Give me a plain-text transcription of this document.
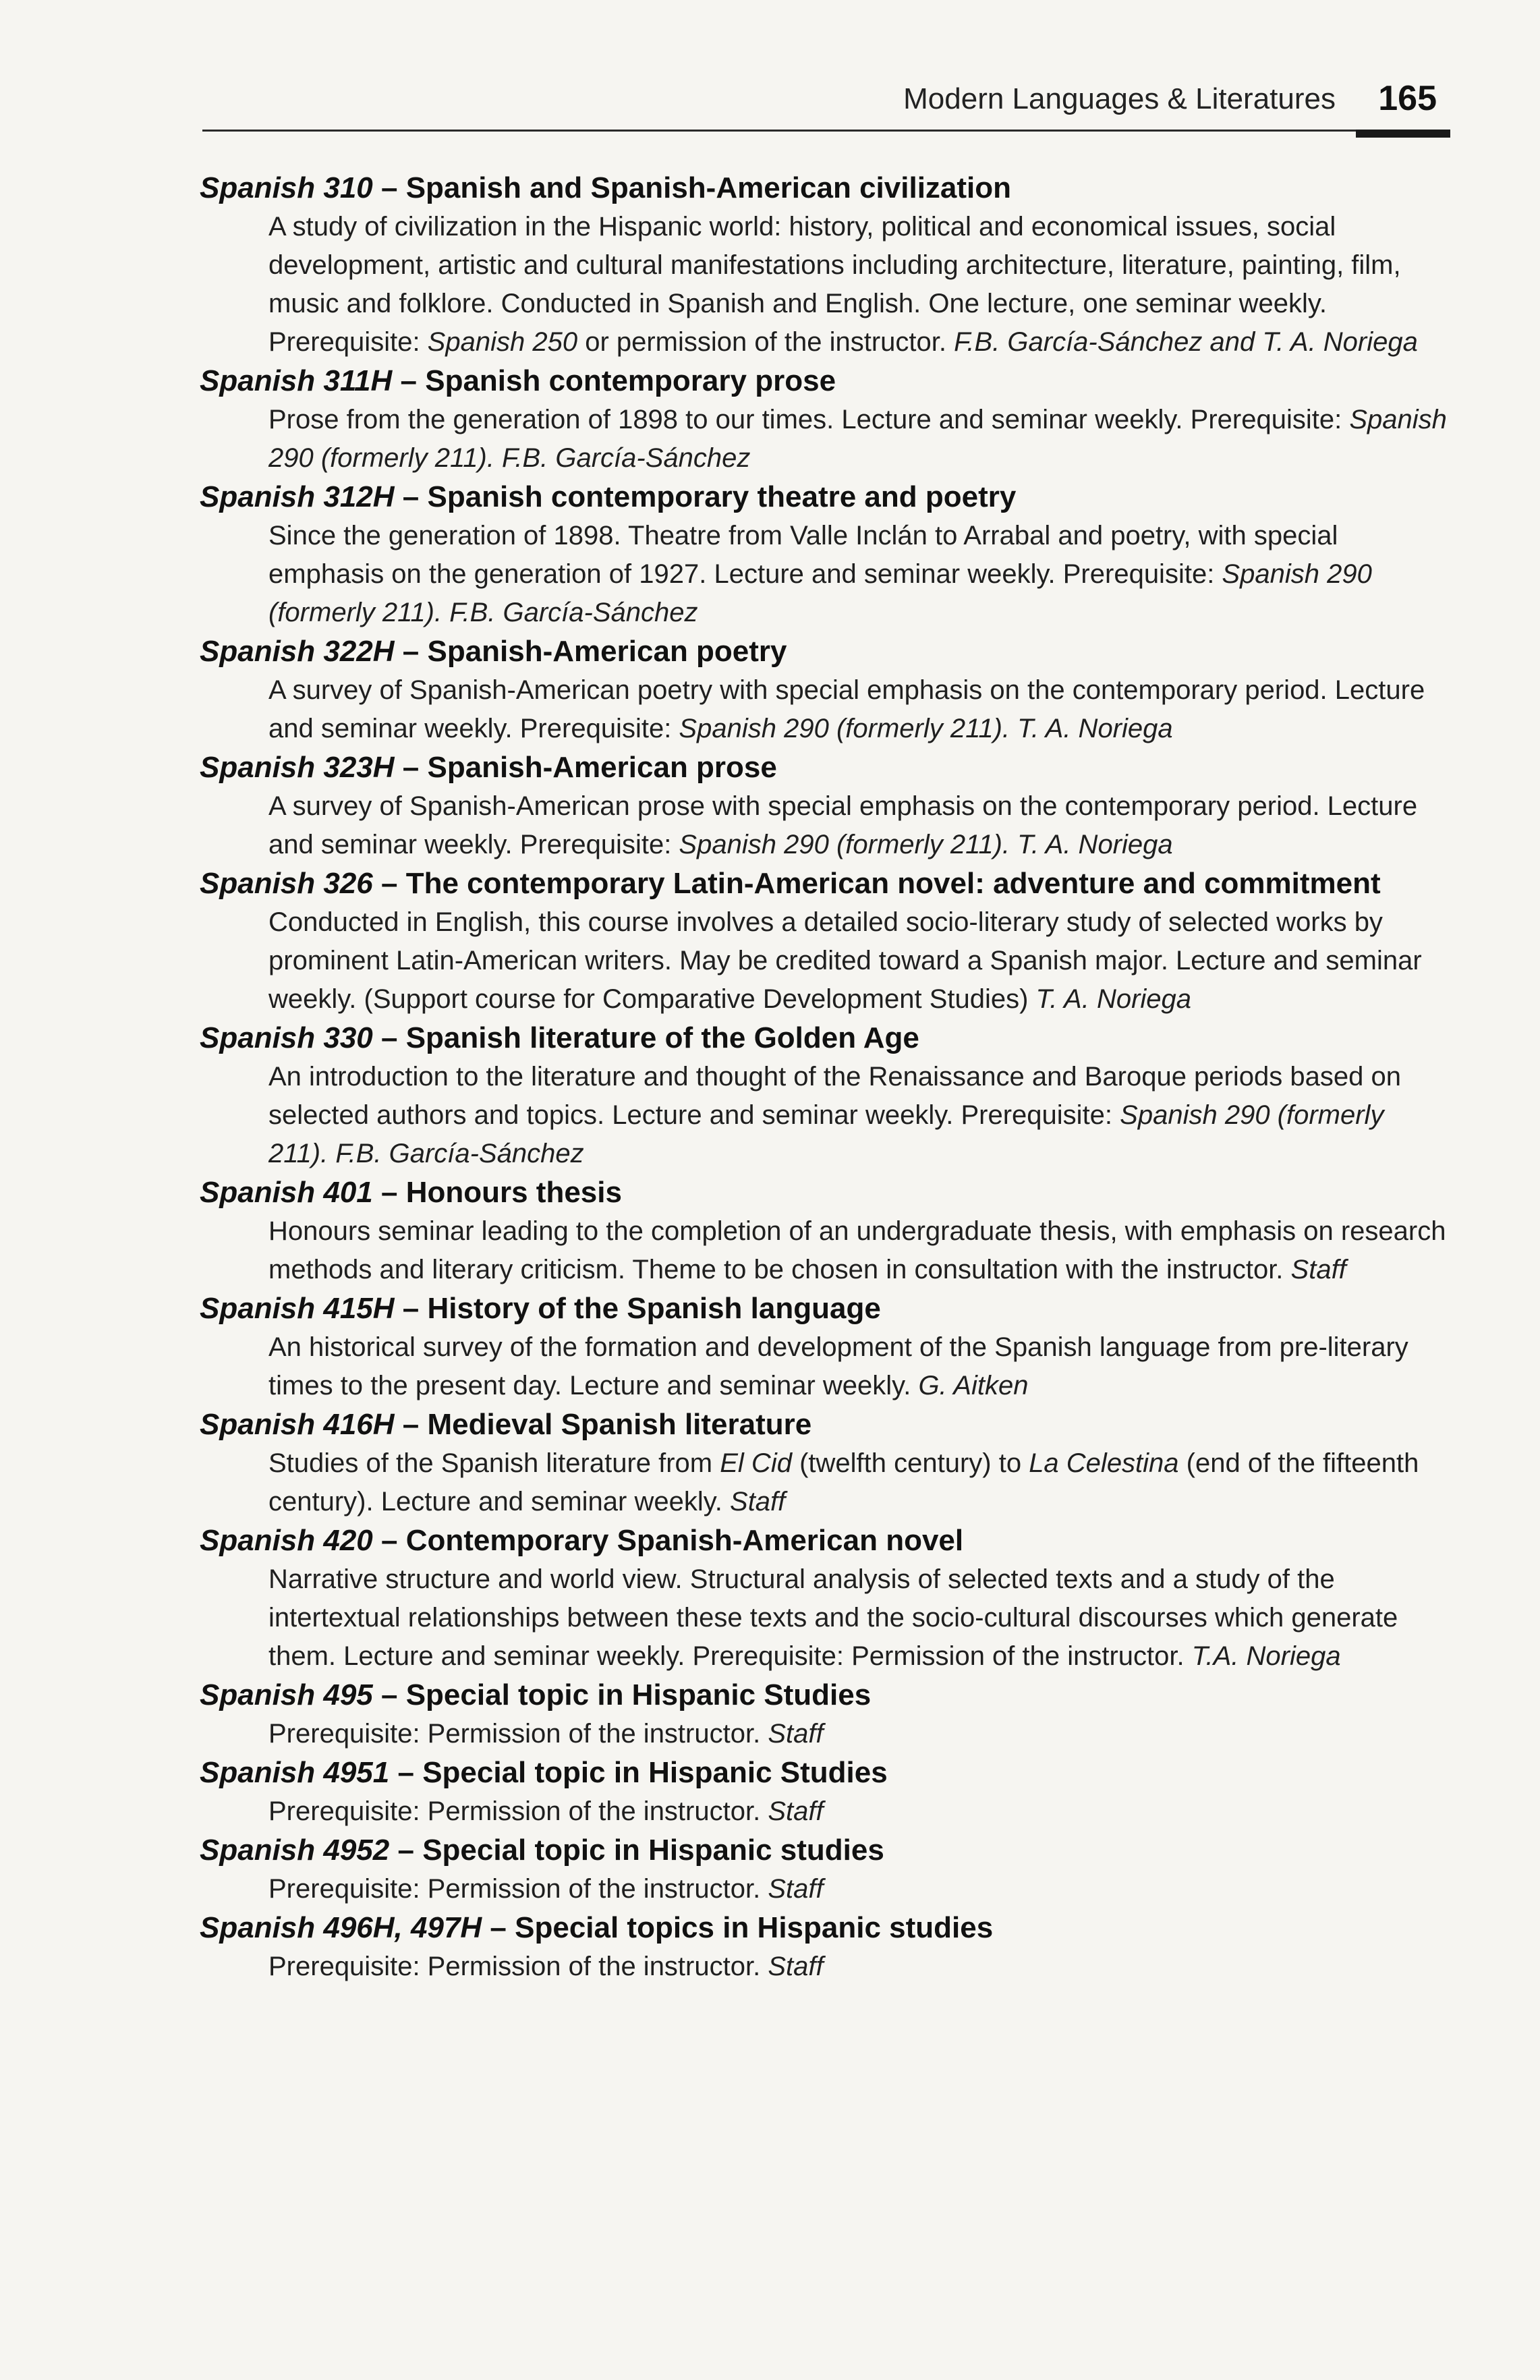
Modern Languages & Literatures 165
Spanish 310 – Spanish and Spanish-American civilization
A study of civilization in the Hispanic world: history, political and economical issues, social development, artistic and cultural manifestations including architecture, literature, painting, film, music and folklore. Conducted in Spanish and English. One lecture, one seminar weekly. Prerequisite: Spanish 250 or permission of the instructor. F.B. García-Sánchez and T. A. Noriega
Spanish 311H – Spanish contemporary prose
Prose from the generation of 1898 to our times. Lecture and seminar weekly. Prerequisite: Spanish 290 (formerly 211). F.B. García-Sánchez
Spanish 312H – Spanish contemporary theatre and poetry
Since the generation of 1898. Theatre from Valle Inclán to Arrabal and poetry, with special emphasis on the generation of 1927. Lecture and seminar weekly. Prerequisite: Spanish 290 (formerly 211). F.B. García-Sánchez
Spanish 322H – Spanish-American poetry
A survey of Spanish-American poetry with special emphasis on the contemporary period. Lecture and seminar weekly. Prerequisite: Spanish 290 (formerly 211). T. A. Noriega
Spanish 323H – Spanish-American prose
A survey of Spanish-American prose with special emphasis on the contemporary period. Lecture and seminar weekly. Prerequisite: Spanish 290 (formerly 211). T. A. Noriega
Spanish 326 – The contemporary Latin-American novel: adventure and commitment
Conducted in English, this course involves a detailed socio-literary study of selected works by prominent Latin-American writers. May be credited toward a Spanish major. Lecture and seminar weekly. (Support course for Comparative Development Studies) T. A. Noriega
Spanish 330 – Spanish literature of the Golden Age
An introduction to the literature and thought of the Renaissance and Baroque periods based on selected authors and topics. Lecture and seminar weekly. Prerequisite: Spanish 290 (formerly 211). F.B. García-Sánchez
Spanish 401 – Honours thesis
Honours seminar leading to the completion of an undergraduate thesis, with emphasis on research methods and literary criticism. Theme to be chosen in consultation with the instructor. Staff
Spanish 415H – History of the Spanish language
An historical survey of the formation and development of the Spanish language from pre-literary times to the present day. Lecture and seminar weekly. G. Aitken
Spanish 416H – Medieval Spanish literature
Studies of the Spanish literature from El Cid (twelfth century) to La Celestina (end of the fifteenth century). Lecture and seminar weekly. Staff
Spanish 420 – Contemporary Spanish-American novel
Narrative structure and world view. Structural analysis of selected texts and a study of the intertextual relationships between these texts and the socio-cultural discourses which generate them. Lecture and seminar weekly. Prerequisite: Permission of the instructor. T.A. Noriega
Spanish 495 – Special topic in Hispanic Studies
Prerequisite: Permission of the instructor. Staff
Spanish 4951 – Special topic in Hispanic Studies
Prerequisite: Permission of the instructor. Staff
Spanish 4952 – Special topic in Hispanic studies
Prerequisite: Permission of the instructor. Staff
Spanish 496H, 497H – Special topics in Hispanic studies
Prerequisite: Permission of the instructor. Staff
